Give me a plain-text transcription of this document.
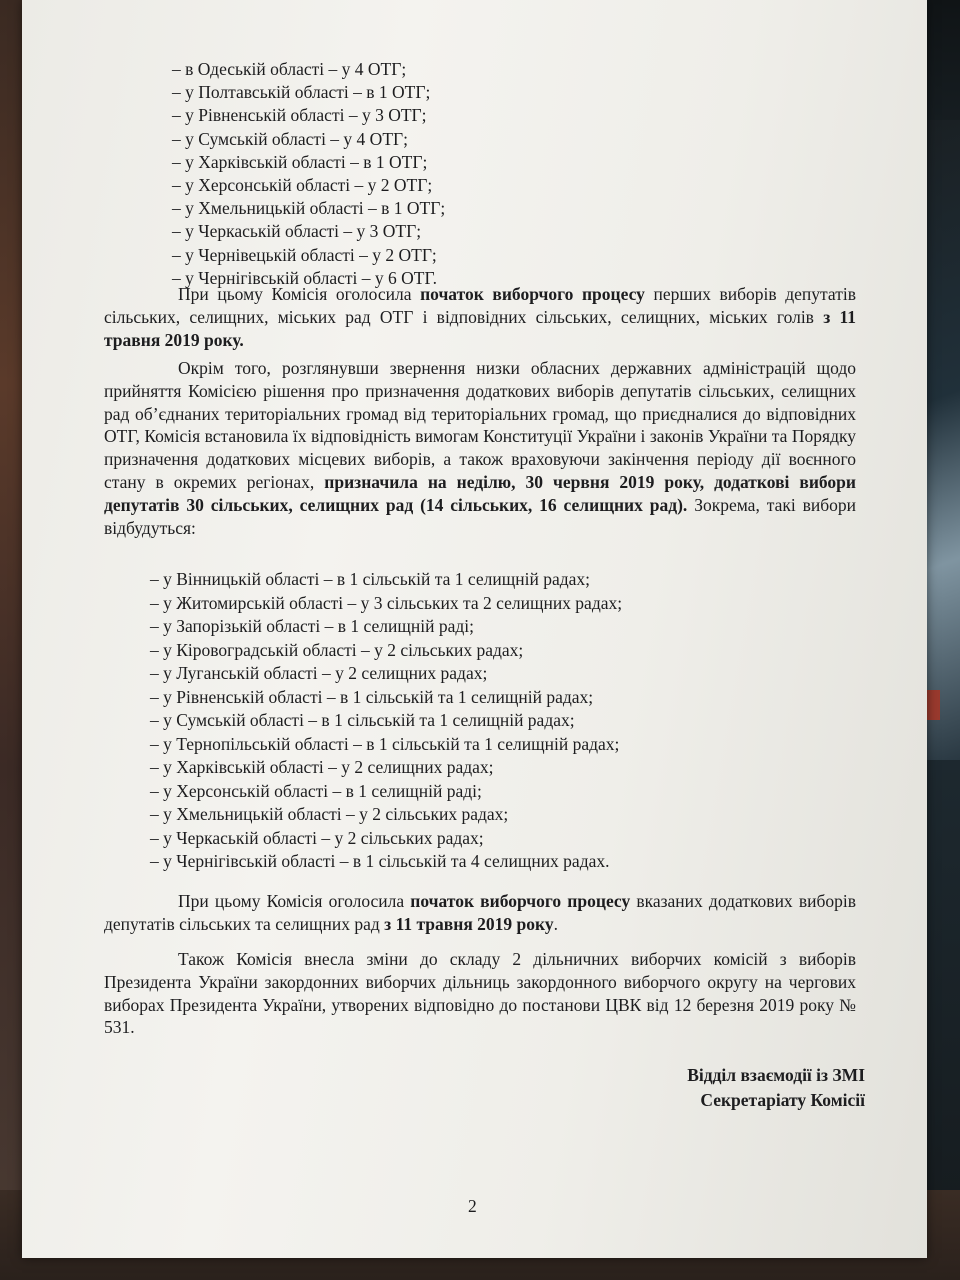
– в Одеській області – у 4 ОТГ;
– у Полтавській області – в 1 ОТГ;
– у Рівненській області – у 3 ОТГ;
– у Сумській області – у 4 ОТГ;
– у Харківській області – в 1 ОТГ;
– у Херсонській області – у 2 ОТГ;
– у Хмельницькій області – в 1 ОТГ;
– у Черкаській області – у 3 ОТГ;
– у Чернівецькій області – у 2 ОТГ;
– у Чернігівській області – у 6 ОТГ.

При цьому Комісія оголосила початок виборчого процесу перших виборів депутатів сільських, селищних, міських рад ОТГ і відповідних сільських, селищних, міських голів з 11 травня 2019 року.

Окрім того, розглянувши звернення низки обласних державних адміністрацій щодо прийняття Комісією рішення про призначення додаткових виборів депутатів сільських, селищних рад об’єднаних територіальних громад від територіальних громад, що приєдналися до відповідних ОТГ, Комісія встановила їх відповідність вимогам Конституції України і законів України та Порядку призначення додаткових місцевих виборів, а також враховуючи закінчення періоду дії воєнного стану в окремих регіонах, призначила на неділю, 30 червня 2019 року, додаткові вибори депутатів 30 сільських, селищних рад (14 сільських, 16 селищних рад). Зокрема, такі вибори відбудуться:

– у Вінницькій області – в 1 сільській та 1 селищній радах;
– у Житомирській області – у 3 сільських та 2 селищних радах;
– у Запорізькій області – в 1 селищній раді;
– у Кіровоградській області – у 2 сільських радах;
– у Луганській області – у 2 селищних радах;
– у Рівненській області – в 1 сільській та 1 селищній радах;
– у Сумській області – в 1 сільській та 1 селищній радах;
– у Тернопільській області – в 1 сільській та 1 селищній радах;
– у Харківській області – у 2 селищних радах;
– у Херсонській області – в 1 селищній раді;
– у Хмельницькій області – у 2 сільських радах;
– у Черкаській області – у 2 сільських радах;
– у Чернігівській області – в 1 сільській та 4 селищних радах.

При цьому Комісія оголосила початок виборчого процесу вказаних додаткових виборів депутатів сільських та селищних рад з 11 травня 2019 року.

Також Комісія внесла зміни до складу 2 дільничних виборчих комісій з виборів Президента України закордонних виборчих дільниць закордонного виборчого округу на чергових виборах Президента України, утворених відповідно до постанови ЦВК від 12 березня 2019 року № 531.

Відділ взаємодії із ЗМІ
Секретаріату Комісії
2
